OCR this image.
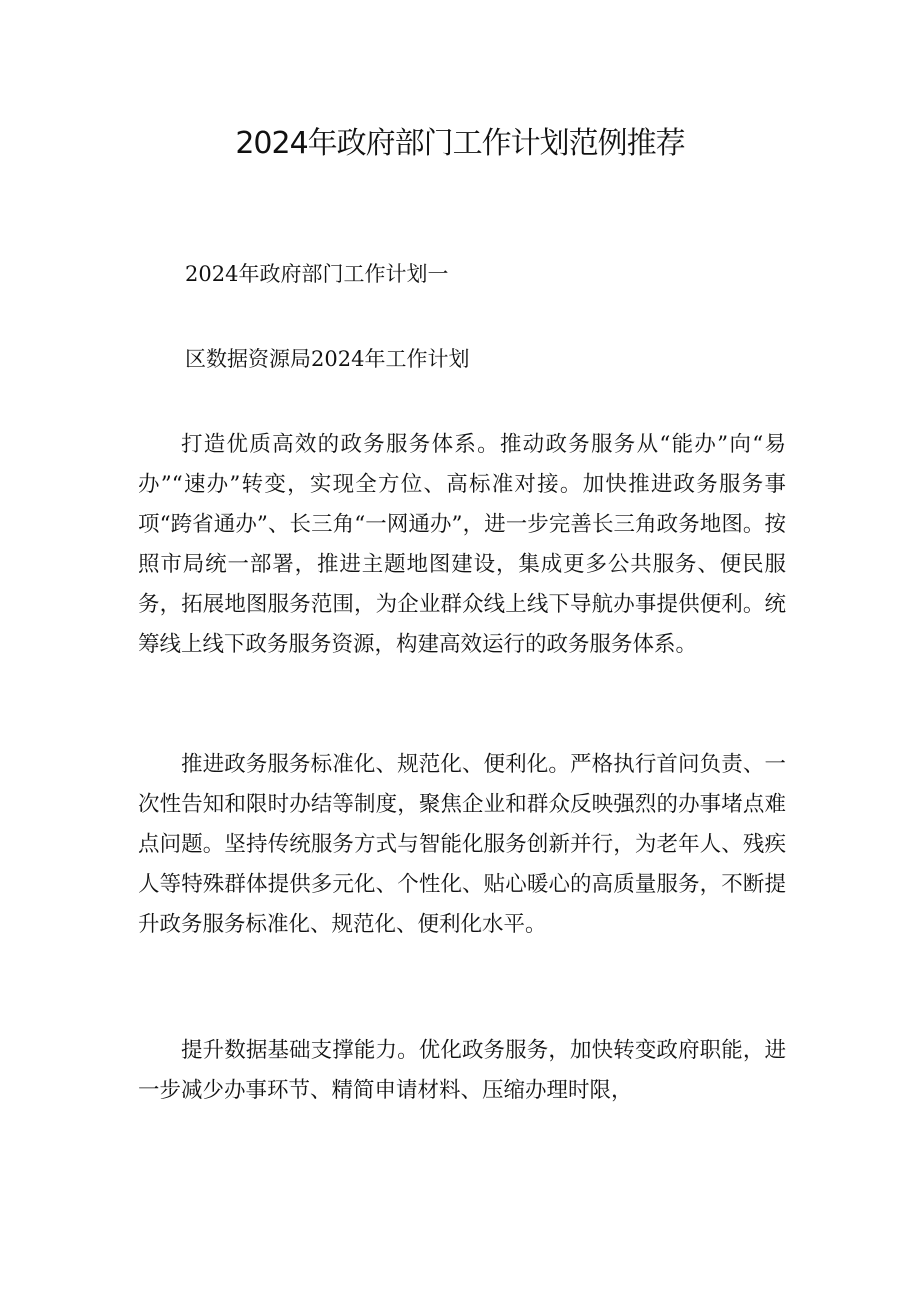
2024年政府部门工作计划范例推荐

2024年政府部门工作计划一

区数据资源局2024年工作计划

打造优质高效的政务服务体系。推动政务服务从“能办”向“易办”“速办”转变，实现全方位、高标准对接。加快推进政务服务事项“跨省通办”、长三角“一网通办”，进一步完善长三角政务地图。按照市局统一部署，推进主题地图建设，集成更多公共服务、便民服务，拓展地图服务范围，为企业群众线上线下导航办事提供便利。统筹线上线下政务服务资源，构建高效运行的政务服务体系。

推进政务服务标准化、规范化、便利化。严格执行首问负责、一次性告知和限时办结等制度，聚焦企业和群众反映强烈的办事堵点难点问题。坚持传统服务方式与智能化服务创新并行，为老年人、残疾人等特殊群体提供多元化、个性化、贴心暖心的高质量服务，不断提升政务服务标准化、规范化、便利化水平。

提升数据基础支撑能力。优化政务服务，加快转变政府职能，进一步减少办事环节、精简申请材料、压缩办理时限，
